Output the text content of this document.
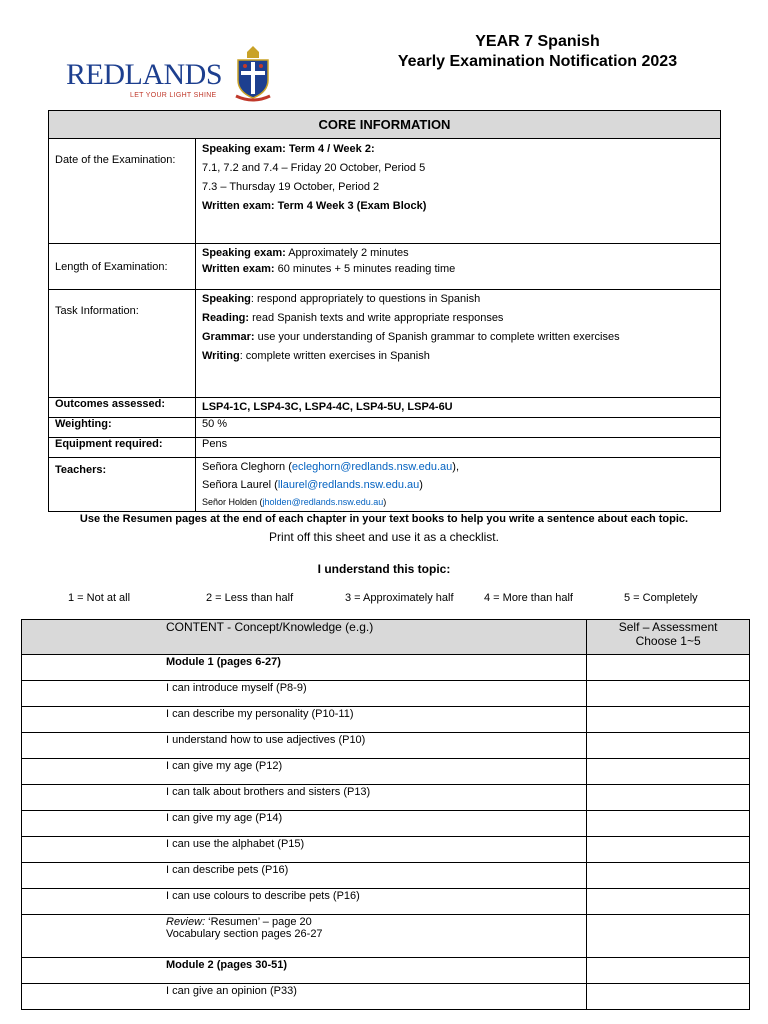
REDLANDS
LET YOUR LIGHT SHINE
YEAR 7 Spanish
Yearly Examination Notification 2023
CORE INFORMATION	
Date of the Examination:	Speaking exam: Term 4 / Week 2:
7.1, 7.2 and 7.4 – Friday 20 October, Period 5
7.3 – Thursday 19 October, Period 2
Written exam: Term 4 Week 3 (Exam Block)

Length of Examination:	Speaking exam: Approximately 2 minutes
Written exam: 60 minutes + 5 minutes reading time

Task Information:	Speaking: respond appropriately to questions in Spanish
Reading: read Spanish texts and write appropriate responses
Grammar: use your understanding of Spanish grammar to complete written exercises
Writing: complete written exercises in Spanish

Outcomes assessed:	LSP4-1C, LSP4-3C, LSP4-4C, LSP4-5U, LSP4-6U
Weighting:	50 %
Equipment required:	Pens
Teachers:	Señora Cleghorn (ecleghorn@redlands.nsw.edu.au),
Señora Laurel (llaurel@redlands.nsw.edu.au)
Señor Holden (jholden@redlands.nsw.edu.au)
Use the Resumen pages at the end of each chapter in your text books to help you write a sentence about each topic.
Print off this sheet and use it as a checklist.
I understand this topic:
1 = Not at all	2 = Less than half	3 = Approximately half	4 = More than half	5 = Completely
CONTENT - Concept/Knowledge (e.g.)	Self – Assessment
Choose 1~5

Module 1 (pages 6-27)	
I can introduce myself (P8-9)	
I can describe my personality (P10-11)	
I understand how to use adjectives (P10)	
I can give my age (P12)	
I can talk about brothers and sisters (P13)	
I can give my age (P14)	
I can use the alphabet (P15)	
I can describe pets (P16)	
I can use colours to describe pets (P16)	

Review: ‘Resumen’ – page 20
Vocabulary section pages 26-27	

Module 2 (pages 30-51)	
I can give an opinion (P33)	
